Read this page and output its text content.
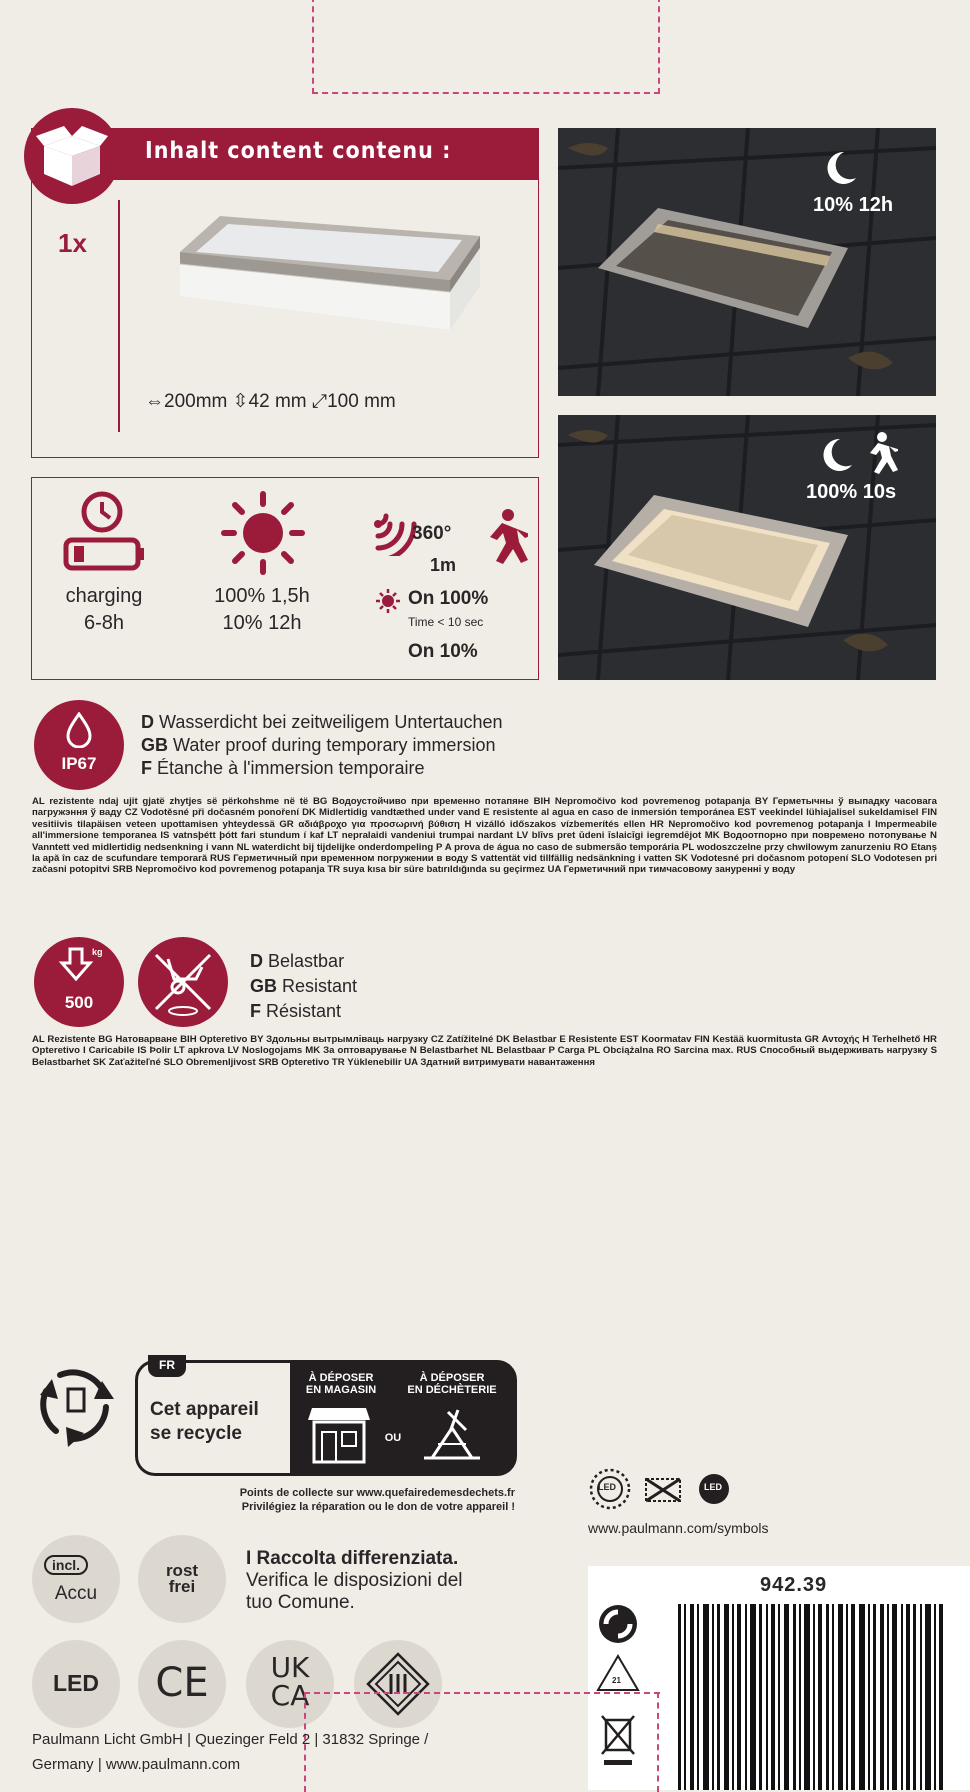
Inhalt content contenu :
1x
⇔200mm ⇳42 mm ⤢100 mm
10% 12h
100% 10s
charging
6-8h
100% 1,5h
10% 12h
360°
1m
On 100%
Time < 10 sec
On 10%
IP67
D Wasserdicht bei zeitweiligem Untertauchen
GB Water proof during temporary immersion
F Étanche à l'immersion temporaire
AL rezistente ndaj ujit gjatë zhytjes së përkohshme në të BG Водоустойчиво при временно потапяне BIH Nepromočivo kod povremenog potapanja BY Герметычны ў выпадку часовага пагружэння ў ваду CZ Vodotěsné při dočasném ponoření DK Midlertidig vandtæthed under vand E resistente al agua en caso de inmersión temporánea EST veekindel lühiajalisel sukeldamisel FIN vesitiivis tilapäisen veteen upottamisen yhteydessä GR αδιάβροχο για προσωρινή βύθιση H vizálló időszakos vízbemerítés ellen HR Nepromočivo kod povremenog potapanja I Impermeabile all'immersione temporanea IS vatnsþétt þótt fari stundum í kaf LT nepralaidi vandeniui trumpai nardant LV blīvs pret ūdeni īslaicīgi iegremdējot MK Водоотпорно при повремено потопување N Vanntett ved midlertidig nedsenkning i vann NL waterdicht bij tijdelijke onderdompeling P A prova de água no caso de submersão temporária PL wodoszczelne przy chwilowym zanurzeniu RO Etanș la apă în caz de scufundare temporară RUS Герметичный при временном погружении в воду S vattentät vid tillfällig nedsänkning i vatten SK Vodotesné pri dočasnom potopení SLO Vodotesen pri začasni potopitvi SRB Nepromočivo kod povremenog potapanja TR suya kısa bir süre batırıldığında su geçirmez UA Герметичний при тимчасовому зануренні у воду
kg
500
D Belastbar
GB Resistant
F Résistant
AL Rezistente BG Натоварване BIH Opteretivo BY Здольны вытрымліваць нагрузку CZ Zatížitelné DK Belastbar E Resistente EST Koormatav FIN Kestää kuormitusta GR Αντοχής H Terhelhető HR Opteretivo I Caricabile IS Þolir LT apkrova LV Noslogojams MK За оптоварување N Belastbarhet NL Belastbaar P Carga PL Obciążalna RO Sarcina max. RUS Способный выдерживать нагрузку S Belastbarhet SK Zaťažiteľné SLO Obremenljivost SRB Opteretivo TR Yüklenebilir UA Здатний витримувати навантаження
FR
Cet appareil
se recycle
À DÉPOSER
EN MAGASIN
OU
À DÉPOSER
EN DÉCHÈTERIE
Points de collecte sur www.quefairedemesdechets.fr
Privilégiez la réparation ou le don de votre appareil !
LED	LED
www.paulmann.com/symbols
incl.
Accu
rost
frei
I Raccolta differenziata.
Verifica le disposizioni del
tuo Comune.
LED	CE	UK
CA
942.39
21
Paulmann Licht GmbH | Quezinger Feld 2 | 31832 Springe /
Germany | www.paulmann.com
